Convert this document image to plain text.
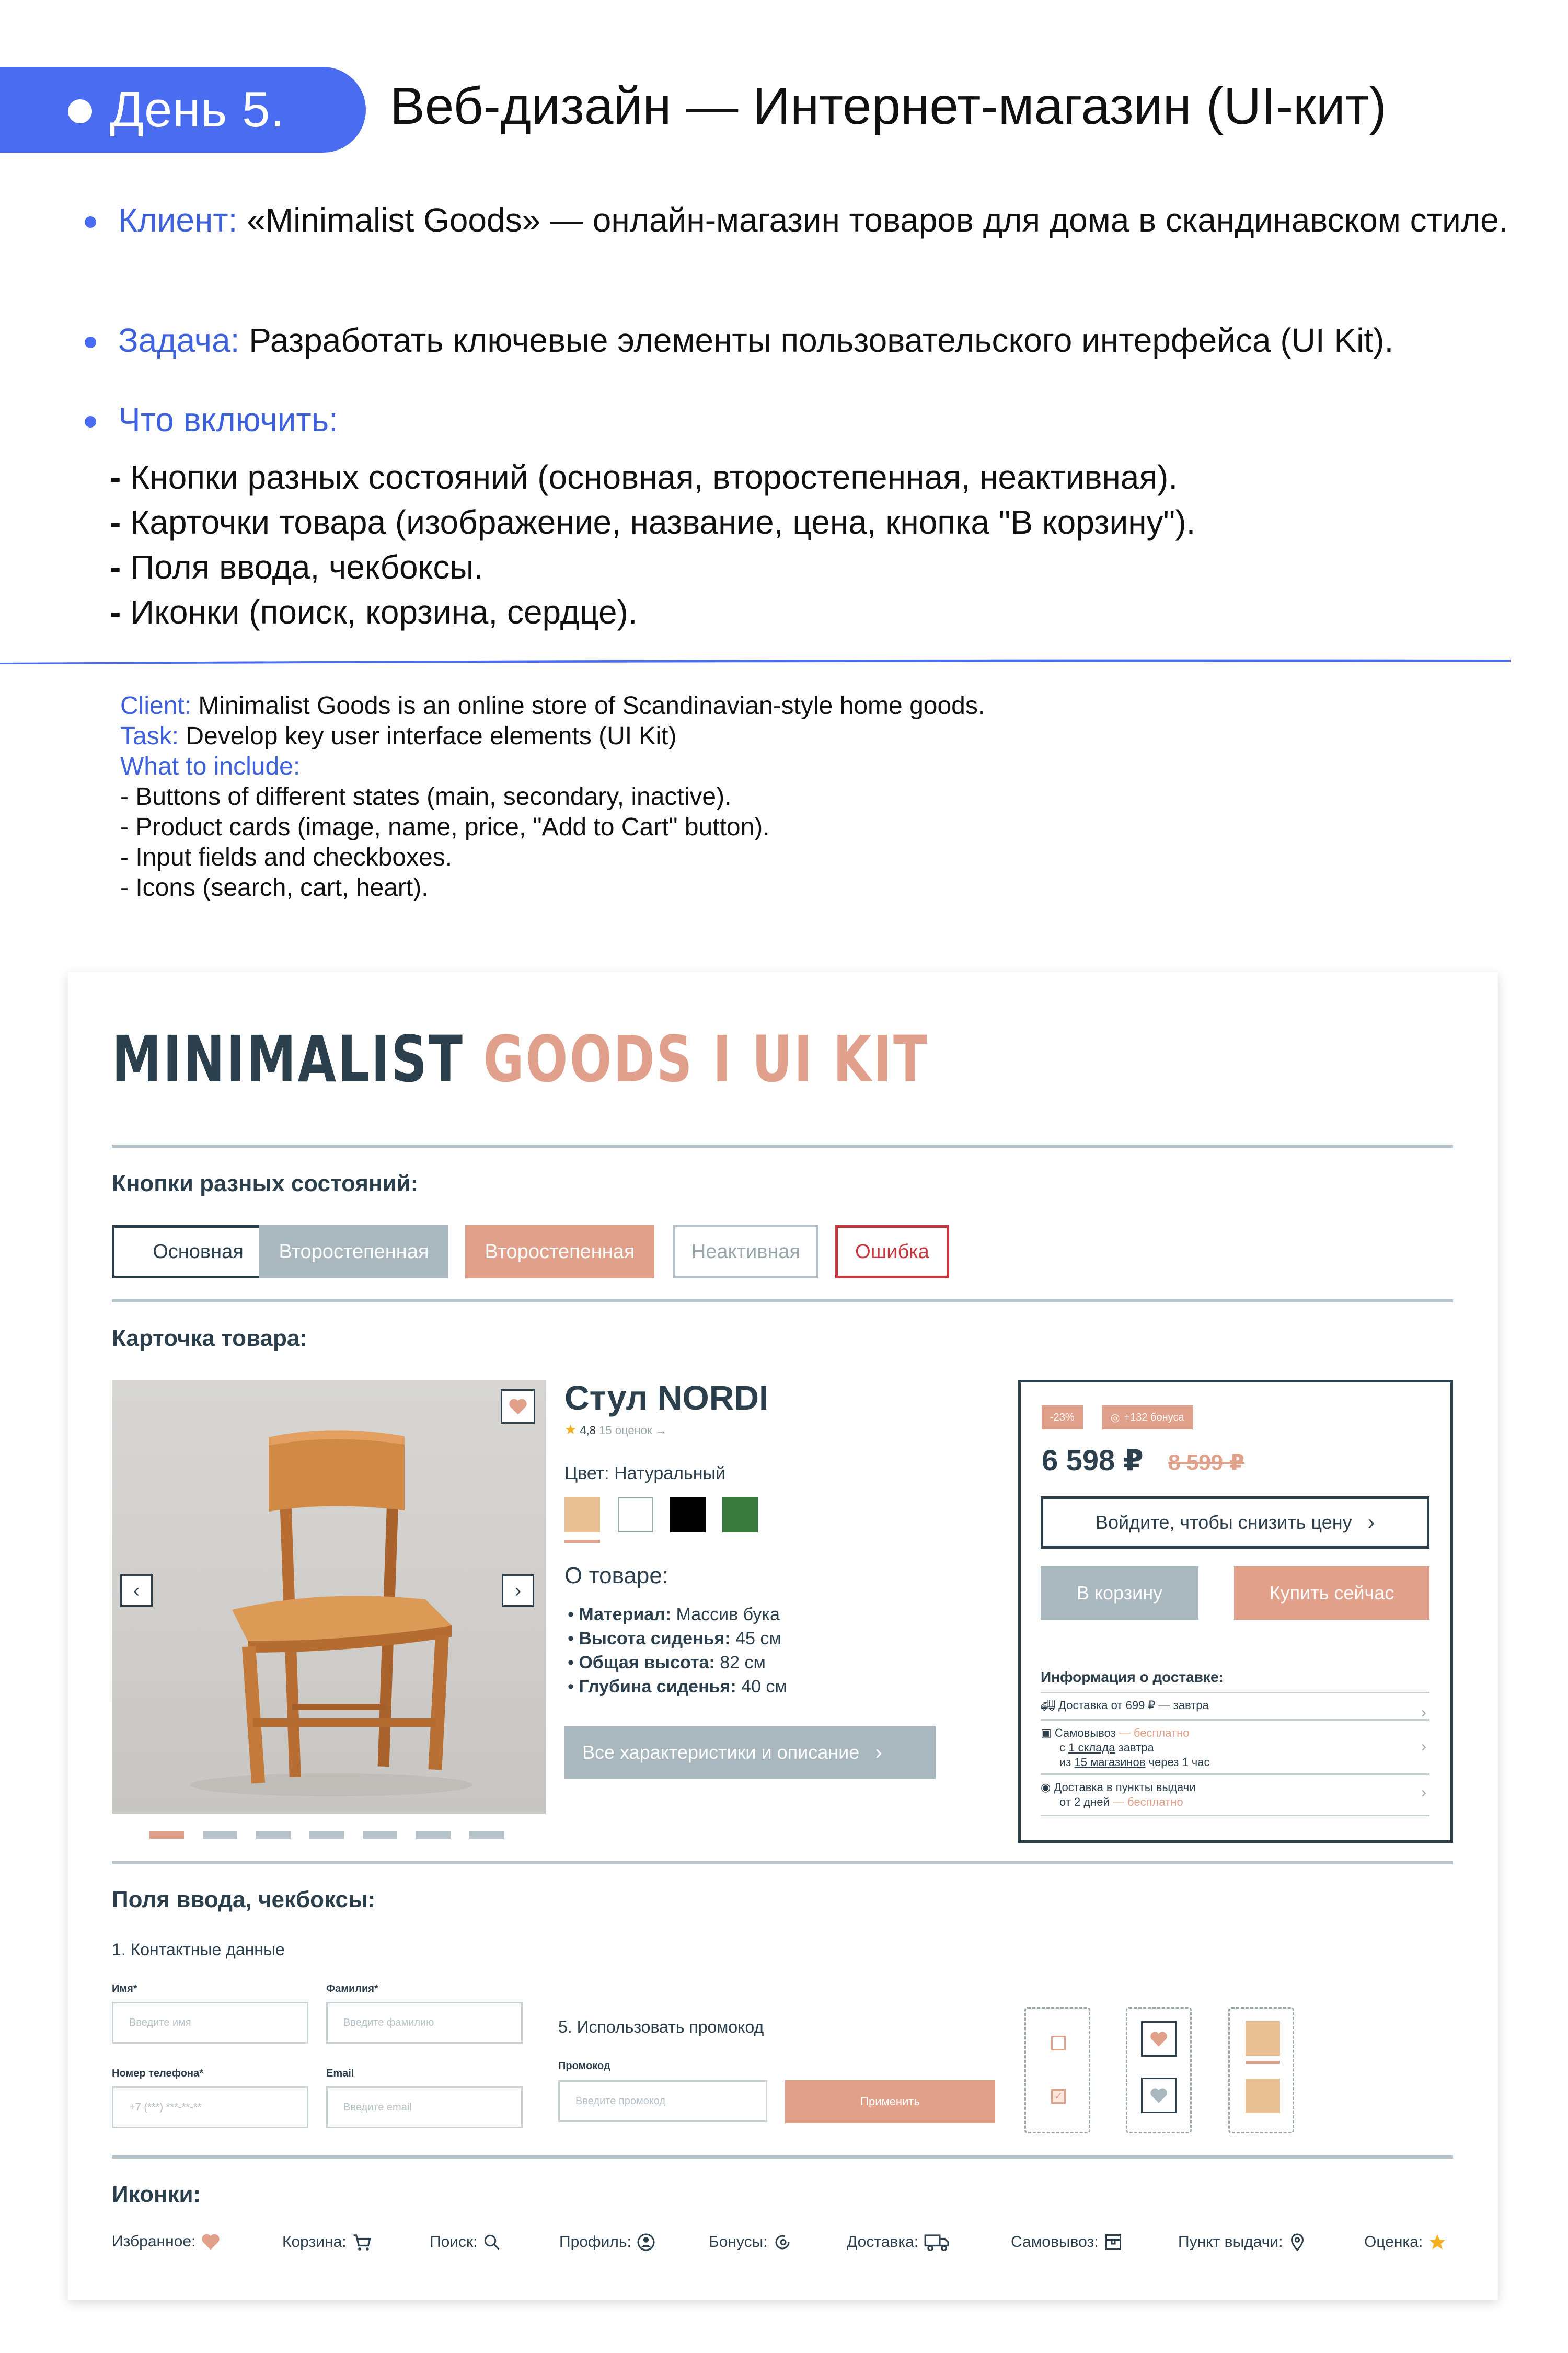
День 5. Веб-дизайн — Интернет-магазин (UI-кит)
Клиент: «Minimalist Goods» — онлайн-магазин товаров для дома в скандинавском стиле.
Задача: Разработать ключевые элементы пользовательского интерфейса (UI Kit).
Что включить:
- Кнопки разных состояний (основная, второстепенная, неактивная).
- Карточки товара (изображение, название, цена, кнопка "В корзину").
- Поля ввода, чекбоксы.
- Иконки (поиск, корзина, сердце).
Client: Minimalist Goods is an online store of Scandinavian-style home goods.
Task: Develop key user interface elements (UI Kit)
What to include:
- Buttons of different states (main, secondary, inactive).
- Product cards (image, name, price, "Add to Cart" button).
- Input fields and checkboxes.
- Icons (search, cart, heart).
MINIMALIST GOODS I UI KIT
Кнопки разных состояний:
Основная	Второстепенная	Второстепенная	Неактивная	Ошибка
Карточка товара:
‹	›
Стул NORDI
★ 4,8 15 оценок →
Цвет: Натуральный
О товаре:
• Материал: Массив бука
• Высота сиденья: 45 см
• Общая высота: 82 см
• Глубина сиденья: 40 см
Все характеристики и описание ›
-23%	◎ +132 бонуса
6 598 ₽ 8 599 ₽
Войдите, чтобы снизить цену ›
В корзину	Купить сейчас
Информация о доставке:
🚚︎ Доставка от 699 ₽ — завтра	›
▣ Самовывоз — бесплатно
с 1 склада завтра
из 15 магазинов через 1 час
›
◉ Доставка в пункты выдачи
от 2 дней — бесплатно
›
Поля ввода, чекбоксы:
1. Контактные данные
Имя*
Введите имя
Фамилия*
Введите фамилию
Номер телефона*
+7 (***) ***-**-**
Email
Введите email
5. Использовать промокод
Промокод
Введите промокод	Применить	✓
Иконки:
Избранное:	Корзина:	Поиск:	Профиль:	Бонусы:	Доставка:	Самовывоз:	Пункт выдачи:	Оценка:
